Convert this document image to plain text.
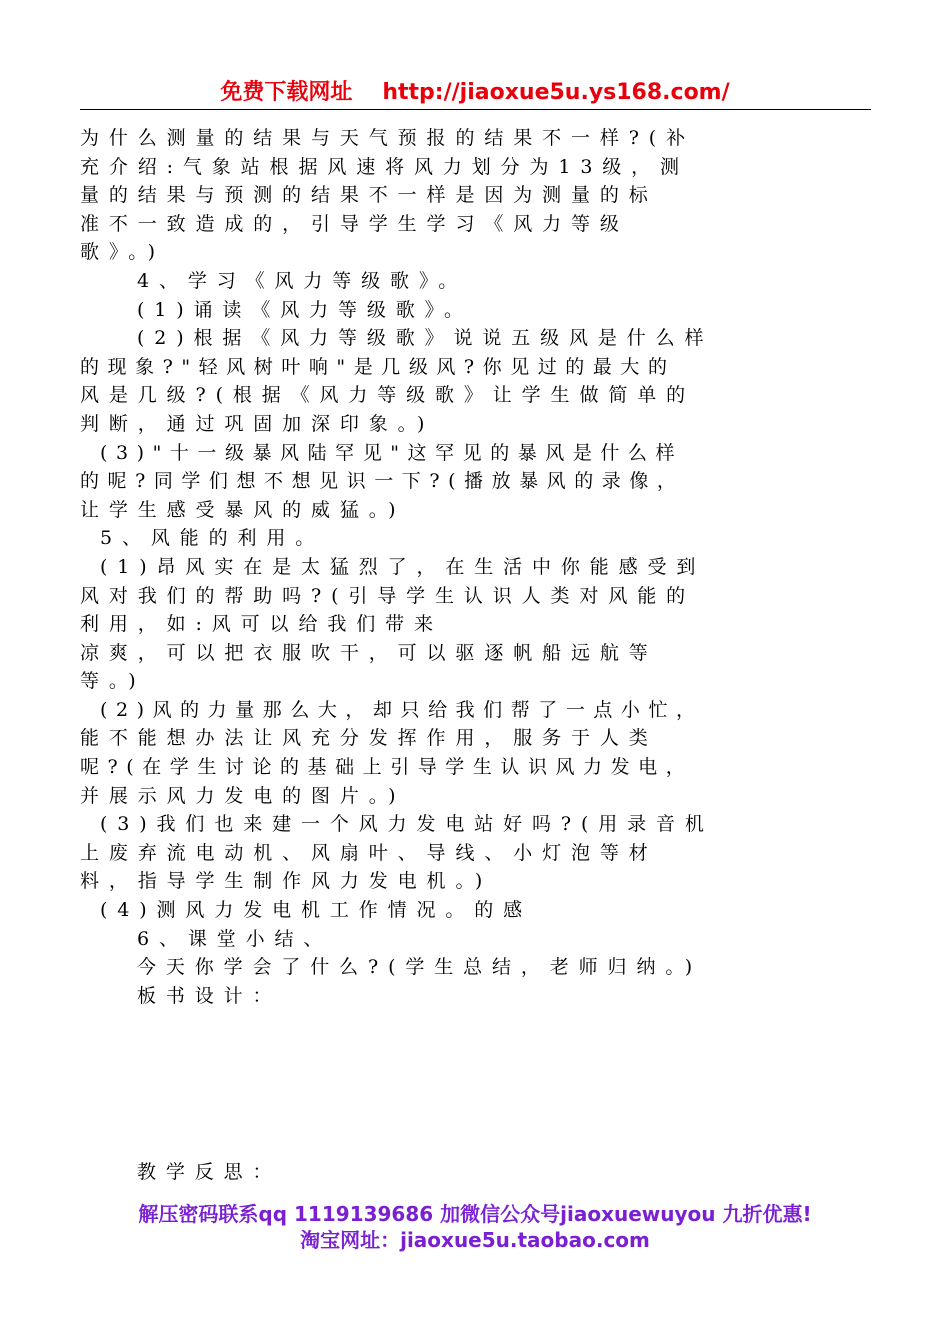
免费下载网址 http://jiaoxue5u.ys168.com/
为什么测量的结果与天气预报的结果不一样?(补
充介绍:气象站根据风速将风力划分为13级，测
量的结果与预测的结果不一样是因为测量的标
准不一致造成的，引导学生学习《风力等级
歌》。)
4、学习《风力等级歌》。
(1)诵读《风力等级歌》。
(2)根据《风力等级歌》说说五级风是什么样
的现象?"轻风树叶响"是几级风?你见过的最大的
风是几级?(根据《风力等级歌》让学生做简单的
判断，通过巩固加深印象。)
(3)"十一级暴风陆罕见"这罕见的暴风是什么样
的呢?同学们想不想见识一下?(播放暴风的录像，
让学生感受暴风的威猛。)
5、风能的利用。
(1)昂风实在是太猛烈了，在生活中你能感受到
风对我们的帮助吗?(引导学生认识人类对风能的
利用，如:风可以给我们带来
凉爽，可以把衣服吹干，可以驱逐帆船远航等
等。)
(2)风的力量那么大，却只给我们帮了一点小忙，
能不能想办法让风充分发挥作用，服务于人类
呢?(在学生讨论的基础上引导学生认识风力发电，
并展示风力发电的图片。)
(3)我们也来建一个风力发电站好吗?(用录音机
上废弃流电动机、风扇叶、导线、小灯泡等材
料，指导学生制作风力发电机。)
(4)测风力发电机工作情况。的感
6、课堂小结、
今天你学会了什么?(学生总结，老师归纳。)
板书设计：
教学反思：
解压密码联系qq 1119139686 加微信公众号jiaoxuewuyou 九折优惠!
淘宝网址：jiaoxue5u.taobao.com
